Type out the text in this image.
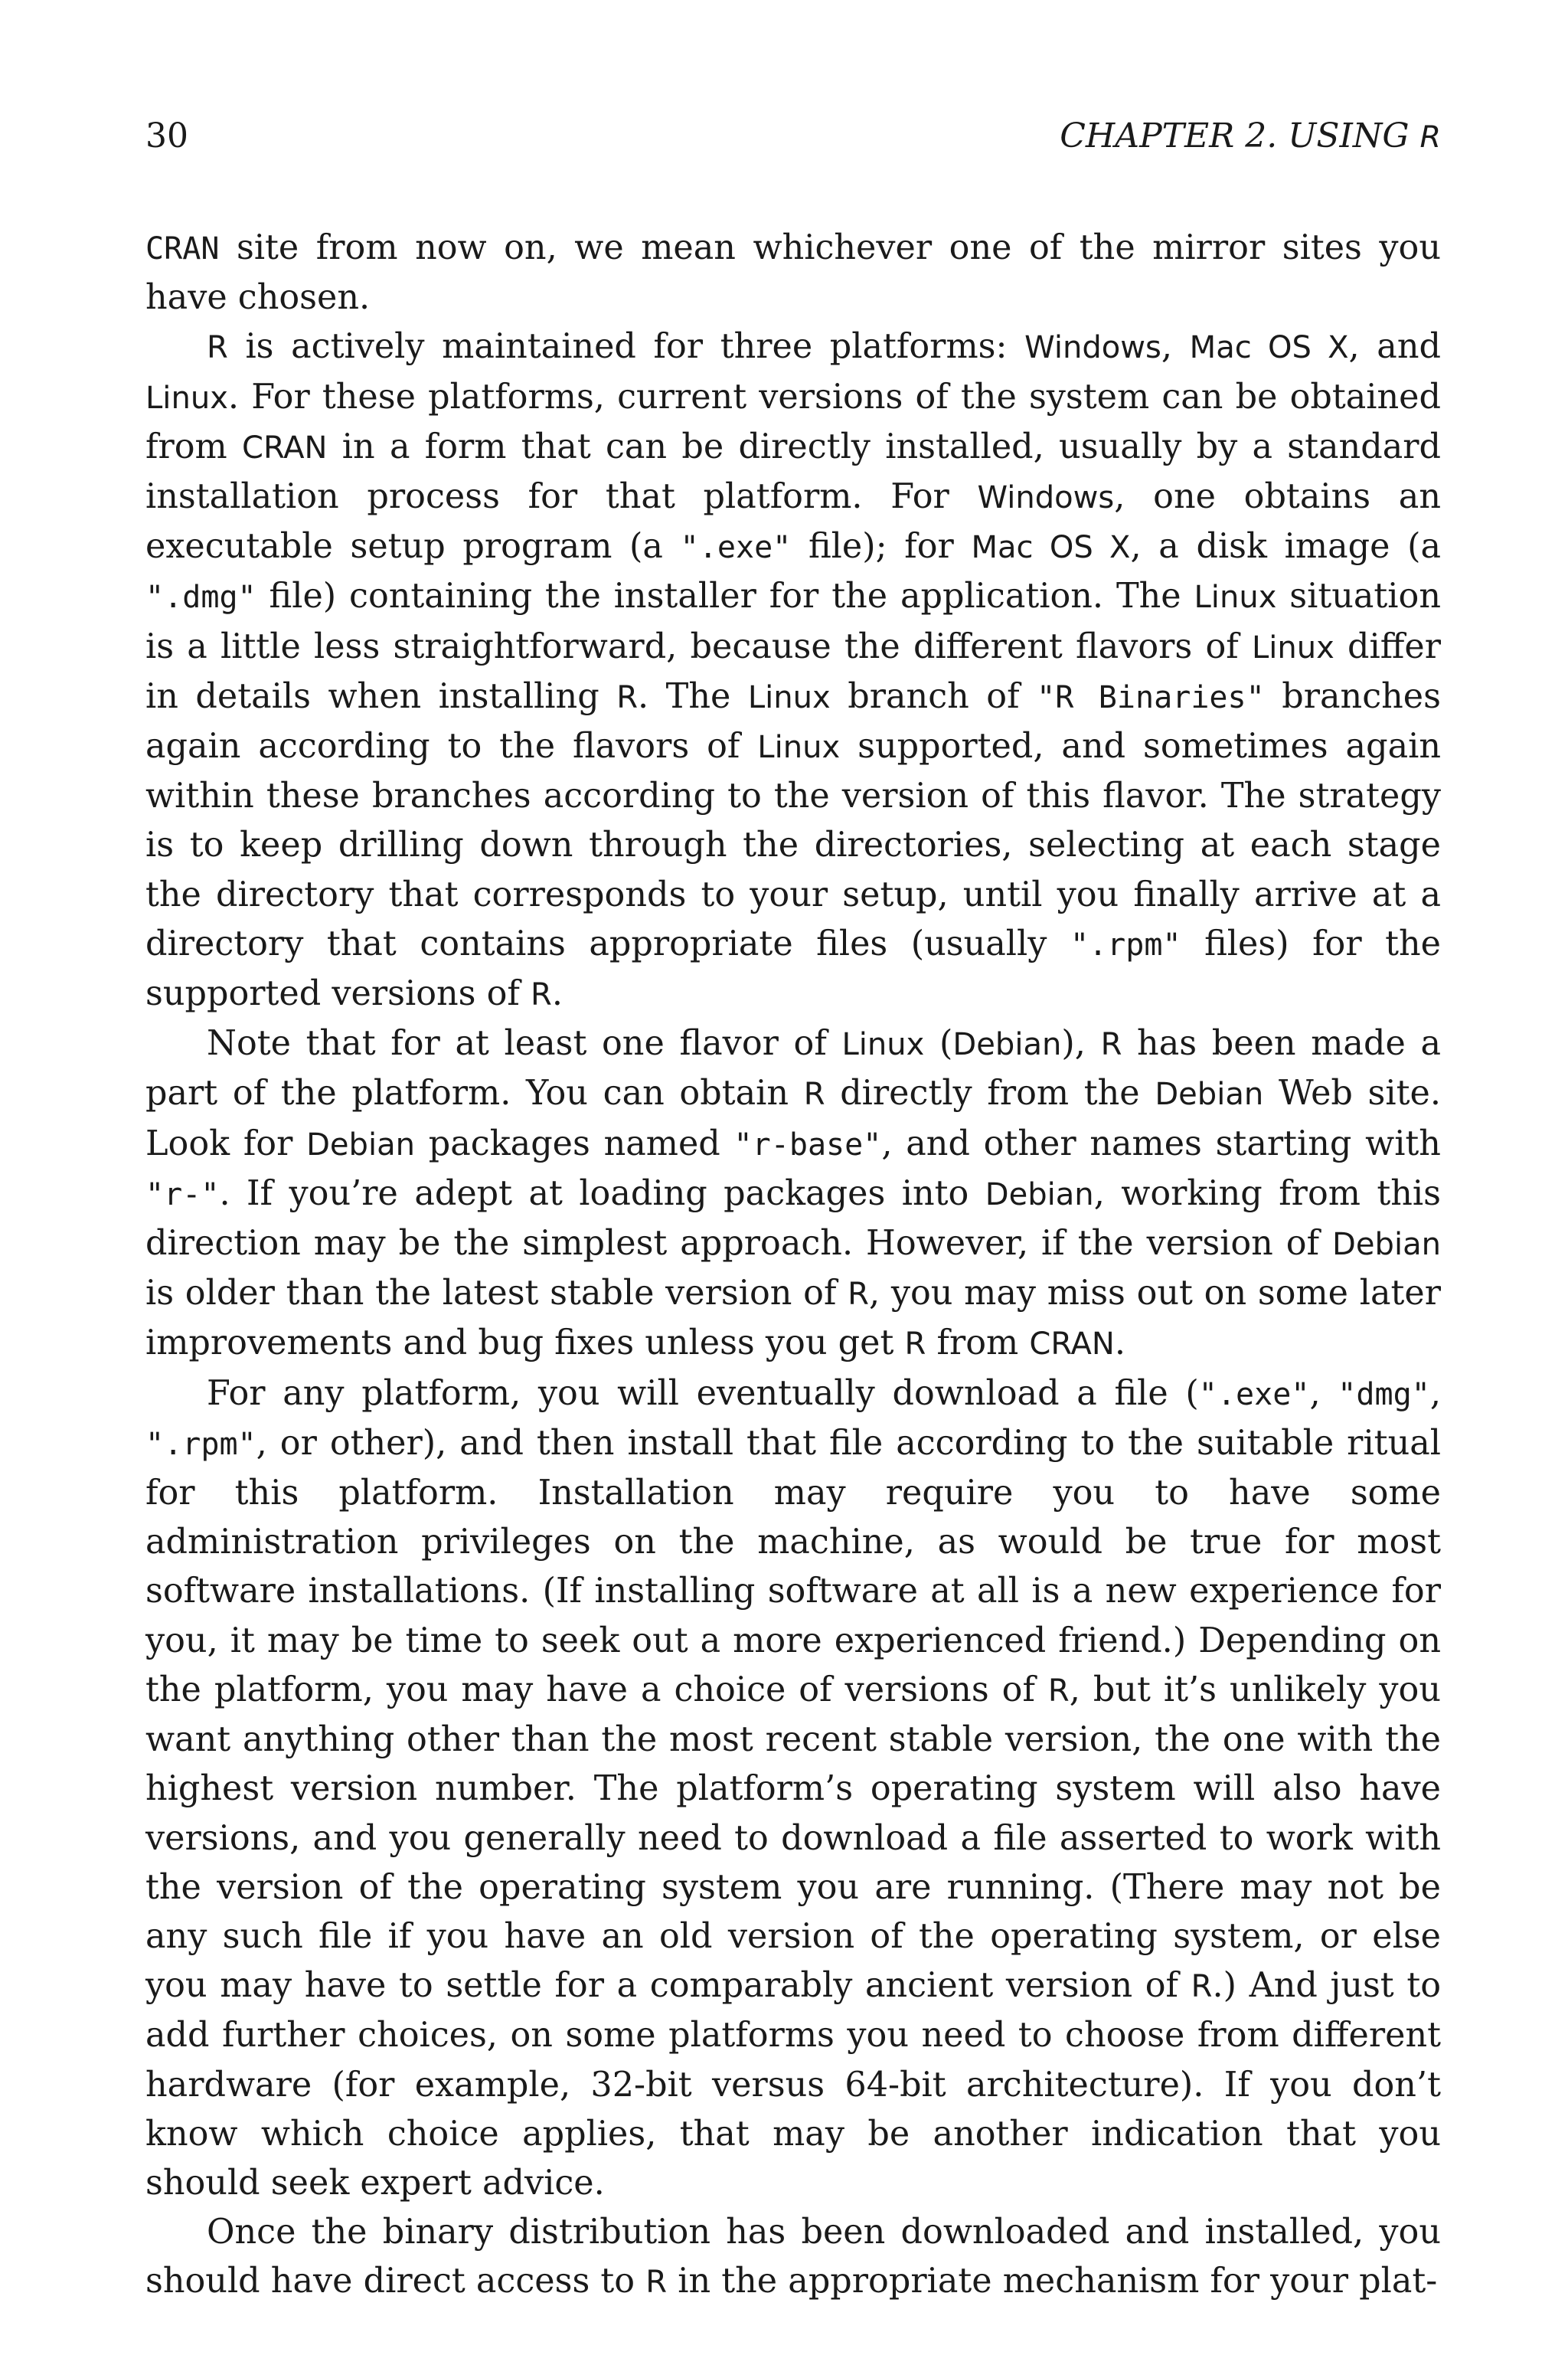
30	CHAPTER 2. USING R

CRAN site from now on, we mean whichever one of the mirror sites you have chosen.

R is actively maintained for three platforms: Windows, Mac OS X, and Linux. For these platforms, current versions of the system can be obtained from CRAN in a form that can be directly installed, usually by a standard installation process for that platform. For Windows, one obtains an executable setup program (a ".exe" file); for Mac OS X, a disk image (a ".dmg" file) containing the installer for the application. The Linux situation is a little less straightforward, because the different flavors of Linux differ in details when installing R. The Linux branch of "R Binaries" branches again according to the flavors of Linux supported, and sometimes again within these branches according to the version of this flavor. The strategy is to keep drilling down through the directories, selecting at each stage the directory that corresponds to your setup, until you finally arrive at a directory that contains appropriate files (usually ".rpm" files) for the supported versions of R.

Note that for at least one flavor of Linux (Debian), R has been made a part of the platform. You can obtain R directly from the Debian Web site. Look for Debian packages named "r-base", and other names starting with "r-". If you’re adept at loading packages into Debian, working from this direction may be the simplest approach. However, if the version of Debian is older than the latest stable version of R, you may miss out on some later improvements and bug fixes unless you get R from CRAN.

For any platform, you will eventually download a file (".exe", "dmg", ".rpm", or other), and then install that file according to the suitable ritual for this platform. Installation may require you to have some administration privileges on the machine, as would be true for most software installations. (If installing software at all is a new experience for you, it may be time to seek out a more experienced friend.) Depending on the platform, you may have a choice of versions of R, but it’s unlikely you want anything other than the most recent stable version, the one with the highest version number. The platform’s operating system will also have versions, and you generally need to download a file asserted to work with the version of the operating system you are running. (There may not be any such file if you have an old version of the operating system, or else you may have to settle for a comparably ancient version of R.) And just to add further choices, on some platforms you need to choose from different hardware (for example, 32-bit versus 64-bit architecture). If you don’t know which choice applies, that may be another indication that you should seek expert advice.

Once the binary distribution has been downloaded and installed, you should have direct access to R in the appropriate mechanism for your plat-
